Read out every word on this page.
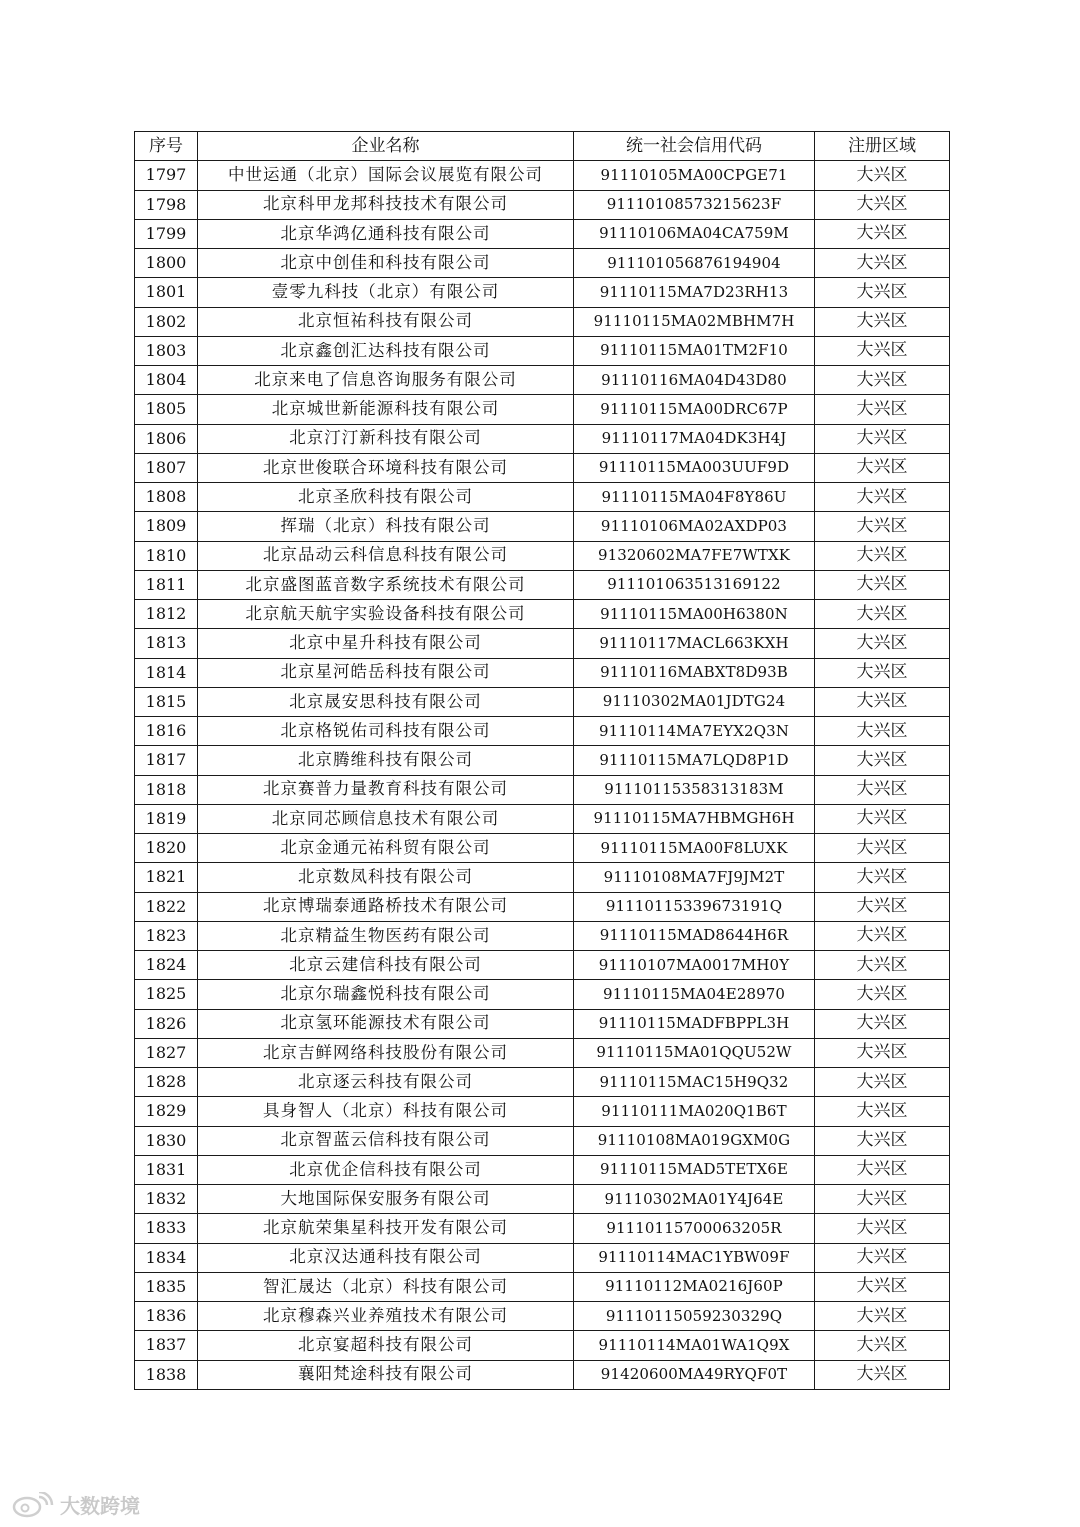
序号	企业名称	统一社会信用代码	注册区域
1797	中世运通（北京）国际会议展览有限公司	91110105MA00CPGE71	大兴区
1798	北京科甲龙邦科技技术有限公司	91110108573215623F	大兴区
1799	北京华鸿亿通科技有限公司	91110106MA04CA759M	大兴区
1800	北京中创佳和科技有限公司	911101056876194904	大兴区
1801	壹零九科技（北京）有限公司	91110115MA7D23RH13	大兴区
1802	北京恒祐科技有限公司	91110115MA02MBHM7H	大兴区
1803	北京鑫创汇达科技有限公司	91110115MA01TM2F10	大兴区
1804	北京来电了信息咨询服务有限公司	91110116MA04D43D80	大兴区
1805	北京城世新能源科技有限公司	91110115MA00DRC67P	大兴区
1806	北京汀汀新科技有限公司	91110117MA04DK3H4J	大兴区
1807	北京世俊联合环境科技有限公司	91110115MA003UUF9D	大兴区
1808	北京圣欣科技有限公司	91110115MA04F8Y86U	大兴区
1809	挥瑞（北京）科技有限公司	91110106MA02AXDP03	大兴区
1810	北京品动云科信息科技有限公司	91320602MA7FE7WTXK	大兴区
1811	北京盛图蓝音数字系统技术有限公司	911101063513169122	大兴区
1812	北京航天航宇实验设备科技有限公司	91110115MA00H6380N	大兴区
1813	北京中星升科技有限公司	91110117MACL663KXH	大兴区
1814	北京星河皓岳科技有限公司	91110116MABXT8D93B	大兴区
1815	北京晟安思科技有限公司	91110302MA01JDTG24	大兴区
1816	北京格锐佑司科技有限公司	91110114MA7EYX2Q3N	大兴区
1817	北京腾维科技有限公司	91110115MA7LQD8P1D	大兴区
1818	北京赛普力量教育科技有限公司	91110115358313183M	大兴区
1819	北京同芯顾信息技术有限公司	91110115MA7HBMGH6H	大兴区
1820	北京金通元祐科贸有限公司	91110115MA00F8LUXK	大兴区
1821	北京数凤科技有限公司	91110108MA7FJ9JM2T	大兴区
1822	北京博瑞泰通路桥技术有限公司	91110115339673191Q	大兴区
1823	北京精益生物医药有限公司	91110115MAD8644H6R	大兴区
1824	北京云建信科技有限公司	91110107MA0017MH0Y	大兴区
1825	北京尔瑞鑫悦科技有限公司	91110115MA04E28970	大兴区
1826	北京氢环能源技术有限公司	91110115MADFBPPL3H	大兴区
1827	北京吉鲜网络科技股份有限公司	91110115MA01QQU52W	大兴区
1828	北京逐云科技有限公司	91110115MAC15H9Q32	大兴区
1829	具身智人（北京）科技有限公司	91110111MA020Q1B6T	大兴区
1830	北京智蓝云信科技有限公司	91110108MA019GXM0G	大兴区
1831	北京优企信科技有限公司	91110115MAD5TETX6E	大兴区
1832	大地国际保安服务有限公司	91110302MA01Y4J64E	大兴区
1833	北京航荣集星科技开发有限公司	91110115700063205R	大兴区
1834	北京汉达通科技有限公司	91110114MAC1YBW09F	大兴区
1835	智汇晟达（北京）科技有限公司	91110112MA0216J60P	大兴区
1836	北京穆森兴业养殖技术有限公司	91110115059230329Q	大兴区
1837	北京宴超科技有限公司	91110114MA01WA1Q9X	大兴区
1838	襄阳梵途科技有限公司	91420600MA49RYQF0T	大兴区
大数跨境
